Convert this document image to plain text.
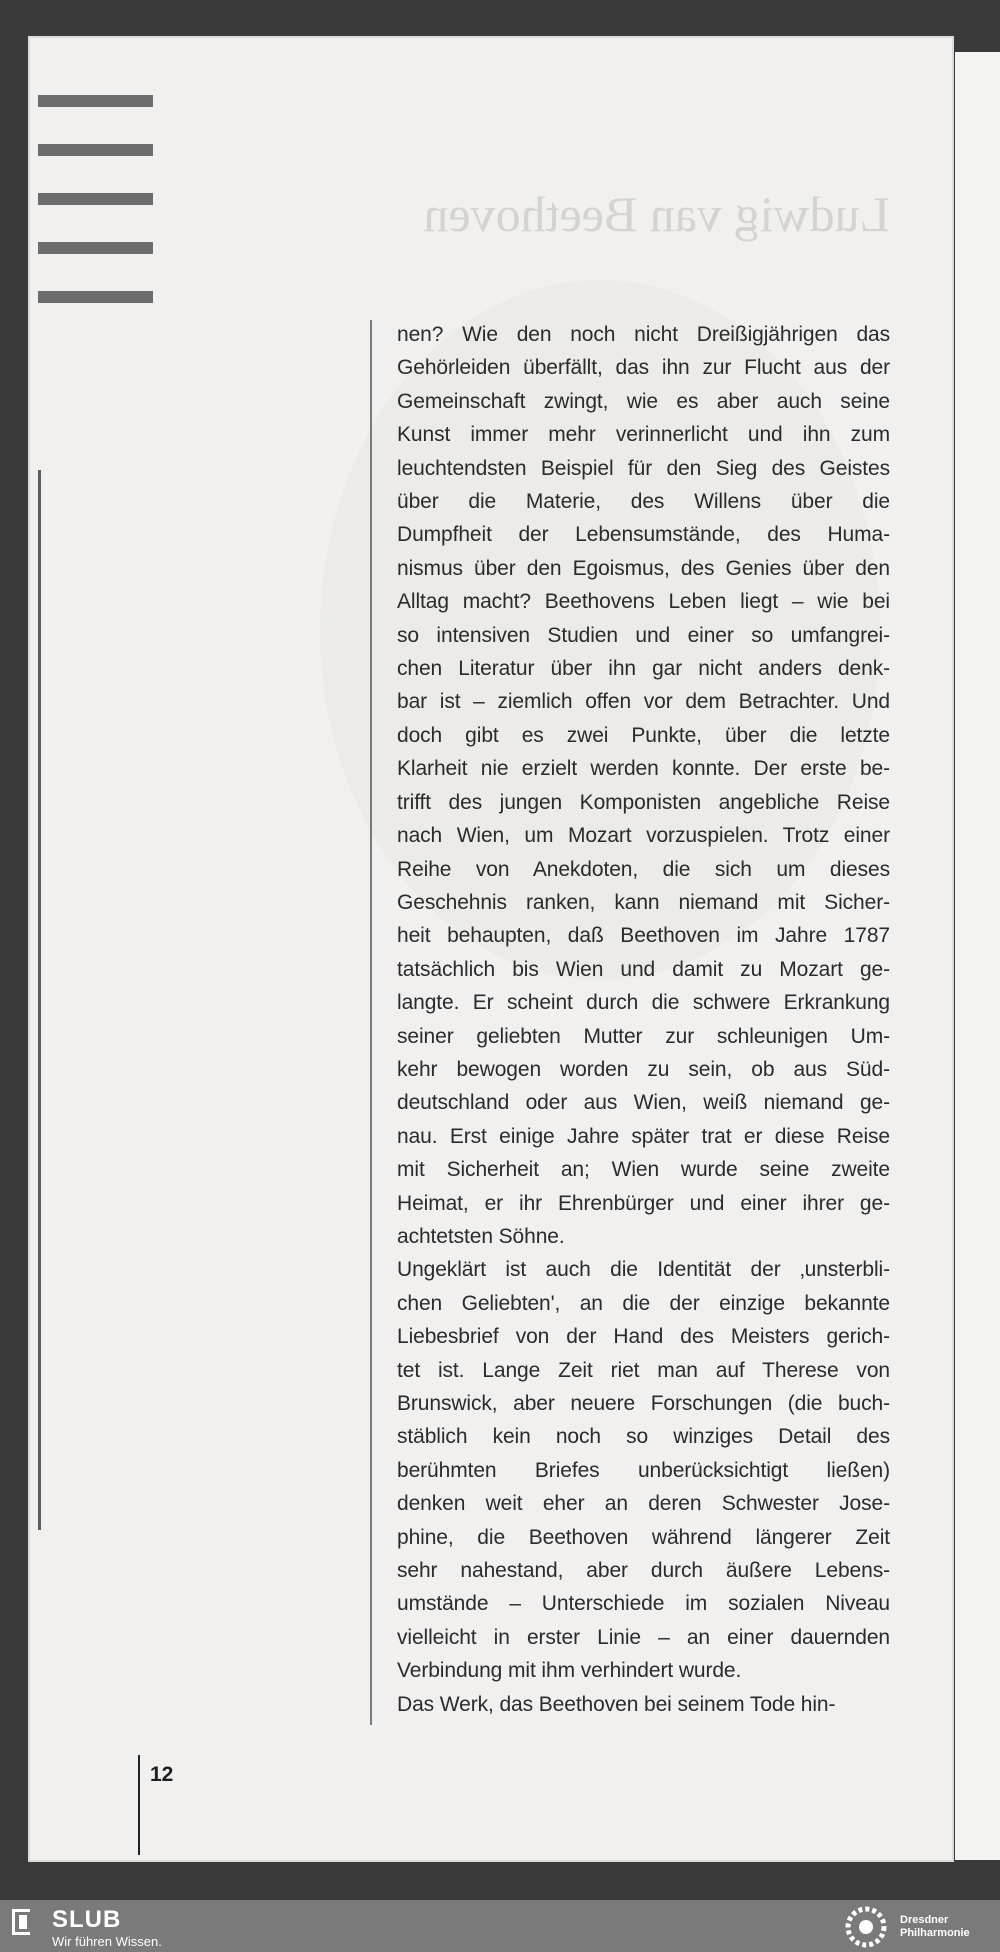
Ludwig van Beethoven

nen? Wie den noch nicht Dreißigjährigen das

Gehörleiden überfällt, das ihn zur Flucht aus der

Gemeinschaft zwingt, wie es aber auch seine

Kunst immer mehr verinnerlicht und ihn zum

leuchtendsten Beispiel für den Sieg des Geistes

über die Materie, des Willens über die

Dumpfheit der Lebensumstände, des Huma-

nismus über den Egoismus, des Genies über den

Alltag macht? Beethovens Leben liegt – wie bei

so intensiven Studien und einer so umfangrei-

chen Literatur über ihn gar nicht anders denk-

bar ist – ziemlich offen vor dem Betrachter. Und

doch gibt es zwei Punkte, über die letzte

Klarheit nie erzielt werden konnte. Der erste be-

trifft des jungen Komponisten angebliche Reise

nach Wien, um Mozart vorzuspielen. Trotz einer

Reihe von Anekdoten, die sich um dieses

Geschehnis ranken, kann niemand mit Sicher-

heit behaupten, daß Beethoven im Jahre 1787

tatsächlich bis Wien und damit zu Mozart ge-

langte. Er scheint durch die schwere Erkrankung

seiner geliebten Mutter zur schleunigen Um-

kehr bewogen worden zu sein, ob aus Süd-

deutschland oder aus Wien, weiß niemand ge-

nau. Erst einige Jahre später trat er diese Reise

mit Sicherheit an; Wien wurde seine zweite

Heimat, er ihr Ehrenbürger und einer ihrer ge-

achtetsten Söhne.

Ungeklärt ist auch die Identität der ‚unsterbli-

chen Geliebten', an die der einzige bekannte

Liebesbrief von der Hand des Meisters gerich-

tet ist. Lange Zeit riet man auf Therese von

Brunswick, aber neuere Forschungen (die buch-

stäblich kein noch so winziges Detail des

berühmten Briefes unberücksichtigt ließen)

denken weit eher an deren Schwester Jose-

phine, die Beethoven während längerer Zeit

sehr nahestand, aber durch äußere Lebens-

umstände – Unterschiede im sozialen Niveau

vielleicht in erster Linie – an einer dauernden

Verbindung mit ihm verhindert wurde.

Das Werk, das Beethoven bei seinem Tode hin-

12
SLUB
Wir führen Wissen.
Dresdner
Philharmonie
